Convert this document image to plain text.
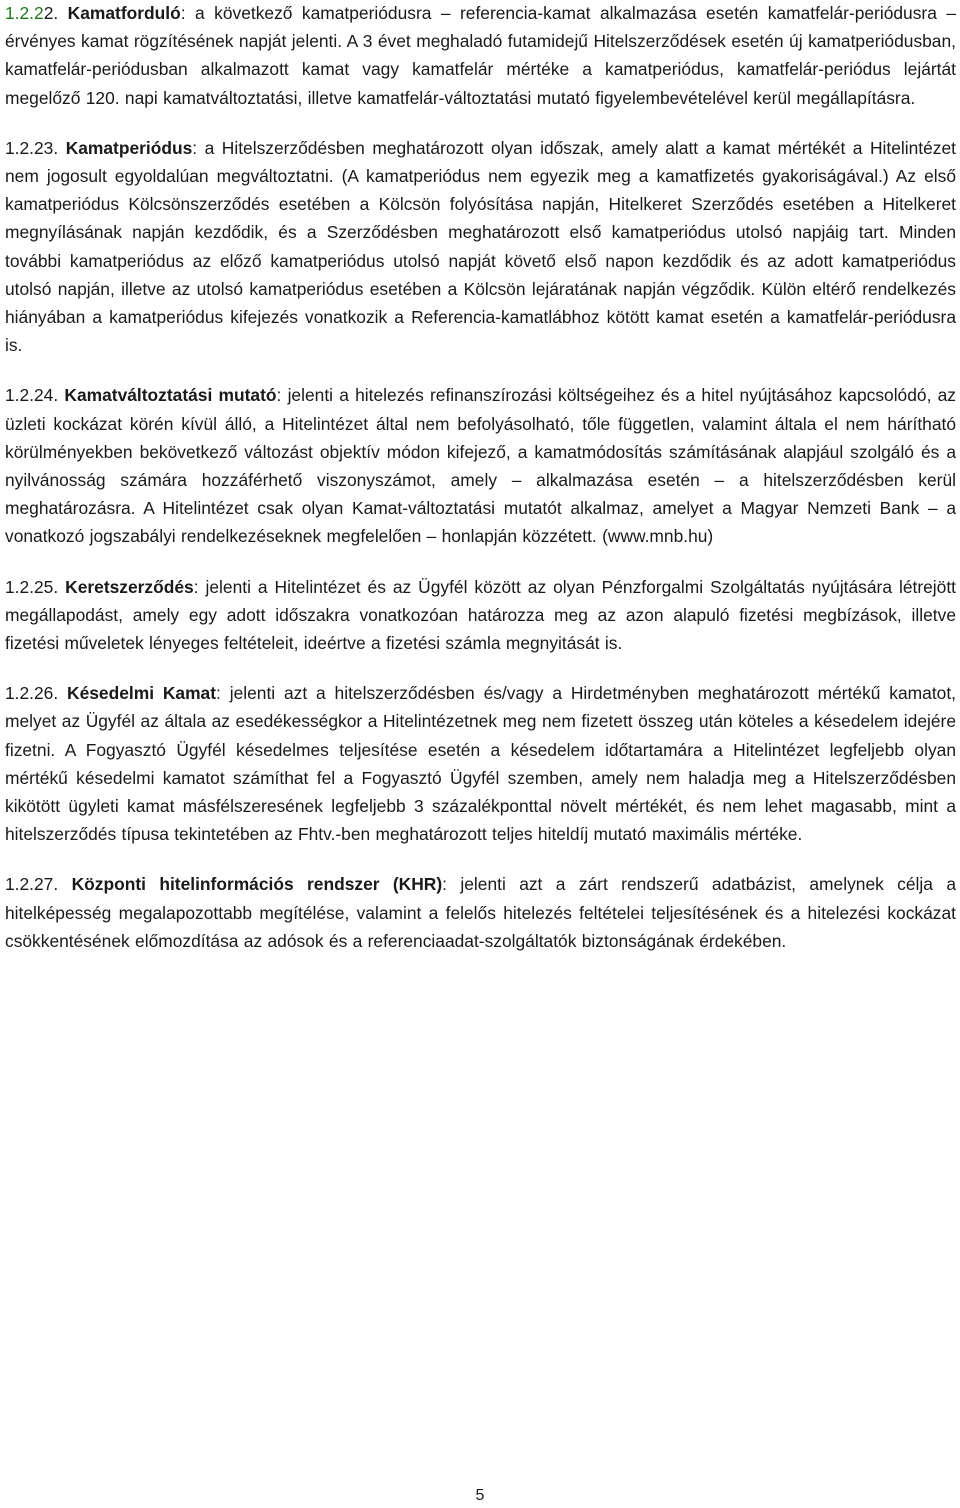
1.2.22. Kamatforduló: a következő kamatperiódusra – referencia-kamat alkalmazása esetén kamatfelár-periódusra – érvényes kamat rögzítésének napját jelenti. A 3 évet meghaladó futamidejű Hitelszerződések esetén új kamatperiódusban, kamatfelár-periódusban alkalmazott kamat vagy kamatfelár mértéke a kamatperiódus, kamatfelár-periódus lejártát megelőző 120. napi kamatváltoztatási, illetve kamatfelár-változtatási mutató figyelembevételével kerül megállapításra.

1.2.23. Kamatperiódus: a Hitelszerződésben meghatározott olyan időszak, amely alatt a kamat mértékét a Hitelintézet nem jogosult egyoldalúan megváltoztatni. (A kamatperiódus nem egyezik meg a kamatfizetés gyakoriságával.) Az első kamatperiódus Kölcsönszerződés esetében a Kölcsön folyósítása napján, Hitelkeret Szerződés esetében a Hitelkeret megnyílásának napján kezdődik, és a Szerződésben meghatározott első kamatperiódus utolsó napjáig tart. Minden további kamatperiódus az előző kamatperiódus utolsó napját követő első napon kezdődik és az adott kamatperiódus utolsó napján, illetve az utolsó kamatperiódus esetében a Kölcsön lejáratának napján végződik. Külön eltérő rendelkezés hiányában a kamatperiódus kifejezés vonatkozik a Referencia-kamatlábhoz kötött kamat esetén a kamatfelár-periódusra is.

1.2.24. Kamatváltoztatási mutató: jelenti a hitelezés refinanszírozási költségeihez és a hitel nyújtásához kapcsolódó, az üzleti kockázat körén kívül álló, a Hitelintézet által nem befolyásolható, tőle független, valamint általa el nem hárítható körülményekben bekövetkező változást objektív módon kifejező, a kamatmódosítás számításának alapjául szolgáló és a nyilvánosság számára hozzáférhető viszonyszámot, amely – alkalmazása esetén – a hitelszerződésben kerül meghatározásra. A Hitelintézet csak olyan Kamat-változtatási mutatót alkalmaz, amelyet a Magyar Nemzeti Bank – a vonatkozó jogszabályi rendelkezéseknek megfelelően – honlapján közzétett. (www.mnb.hu)

1.2.25. Keretszerződés: jelenti a Hitelintézet és az Ügyfél között az olyan Pénzforgalmi Szolgáltatás nyújtására létrejött megállapodást, amely egy adott időszakra vonatkozóan határozza meg az azon alapuló fizetési megbízások, illetve fizetési műveletek lényeges feltételeit, ideértve a fizetési számla megnyitását is.

1.2.26. Késedelmi Kamat: jelenti azt a hitelszerződésben és/vagy a Hirdetményben meghatározott mértékű kamatot, melyet az Ügyfél az általa az esedékességkor a Hitelintézetnek meg nem fizetett összeg után köteles a késedelem idejére fizetni. A Fogyasztó Ügyfél késedelmes teljesítése esetén a késedelem időtartamára a Hitelintézet legfeljebb olyan mértékű késedelmi kamatot számíthat fel a Fogyasztó Ügyfél szemben, amely nem haladja meg a Hitelszerződésben kikötött ügyleti kamat másfélszeresének legfeljebb 3 százalékponttal növelt mértékét, és nem lehet magasabb, mint a hitelszerződés típusa tekintetében az Fhtv.-ben meghatározott teljes hiteldíj mutató maximális mértéke.

1.2.27. Központi hitelinformációs rendszer (KHR): jelenti azt a zárt rendszerű adatbázist, amelynek célja a hitelképesség megalapozottabb megítélése, valamint a felelős hitelezés feltételei teljesítésének és a hitelezési kockázat csökkentésének előmozdítása az adósok és a referenciaadat-szolgáltatók biztonságának érdekében.

5
